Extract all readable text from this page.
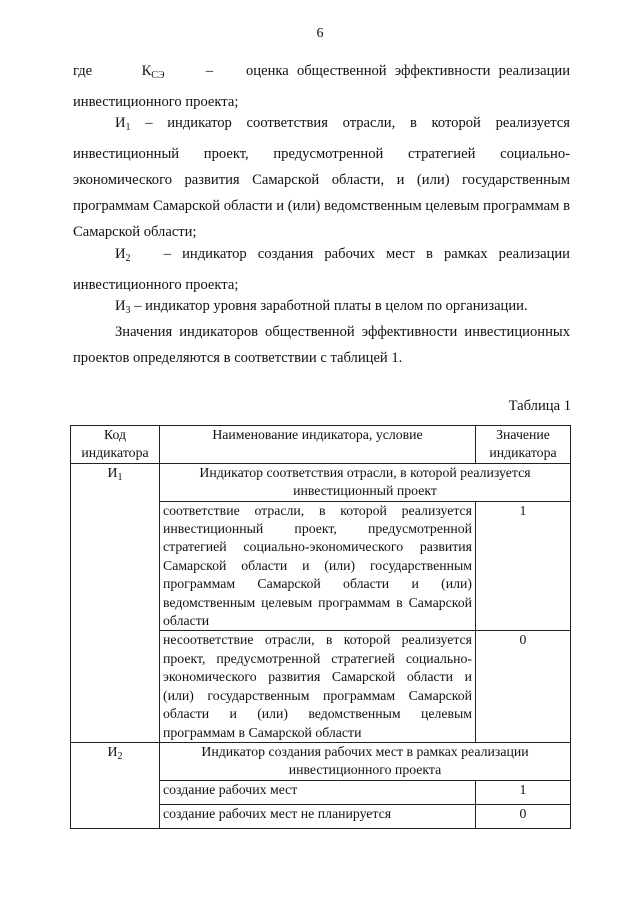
6
где	$К_{СЭ}$	– оценка общественной эффективности реализации инвестиционного проекта;
$И_1$ – индикатор соответствия отрасли, в которой реализуется инвестиционный проект, предусмотренной стратегией социально-экономического развития Самарской области, и (или) государственным программам Самарской области и (или) ведомственным целевым программам в Самарской области;
$И_2$ – индикатор создания рабочих мест в рамках реализации инвестиционного проекта;
$И_3$ – индикатор уровня заработной платы в целом по организации.
Значения индикаторов общественной эффективности инвестиционных проектов определяются в соответствии с таблицей 1.
Таблица 1
Код индикатора	Наименование индикатора, условие	Значение индикатора
$И_1$	Индикатор соответствия отрасли, в которой реализуется инвестиционный проект	
	соответствие отрасли, в которой реализуется инвестиционный проект, предусмотренной стратегией социально-экономического развития Самарской области и (или) государственным программам Самарской области и (или) ведомственным целевым программам в Самарской области	1
	несоответствие отрасли, в которой реализуется проект, предусмотренной стратегией социально-экономического развития Самарской области и (или) государственным программам Самарской области и (или) ведомственным целевым программам в Самарской области	0
$И_2$	Индикатор создания рабочих мест в рамках реализации инвестиционного проекта	
	создание рабочих мест	1
	создание рабочих мест не планируется	0
